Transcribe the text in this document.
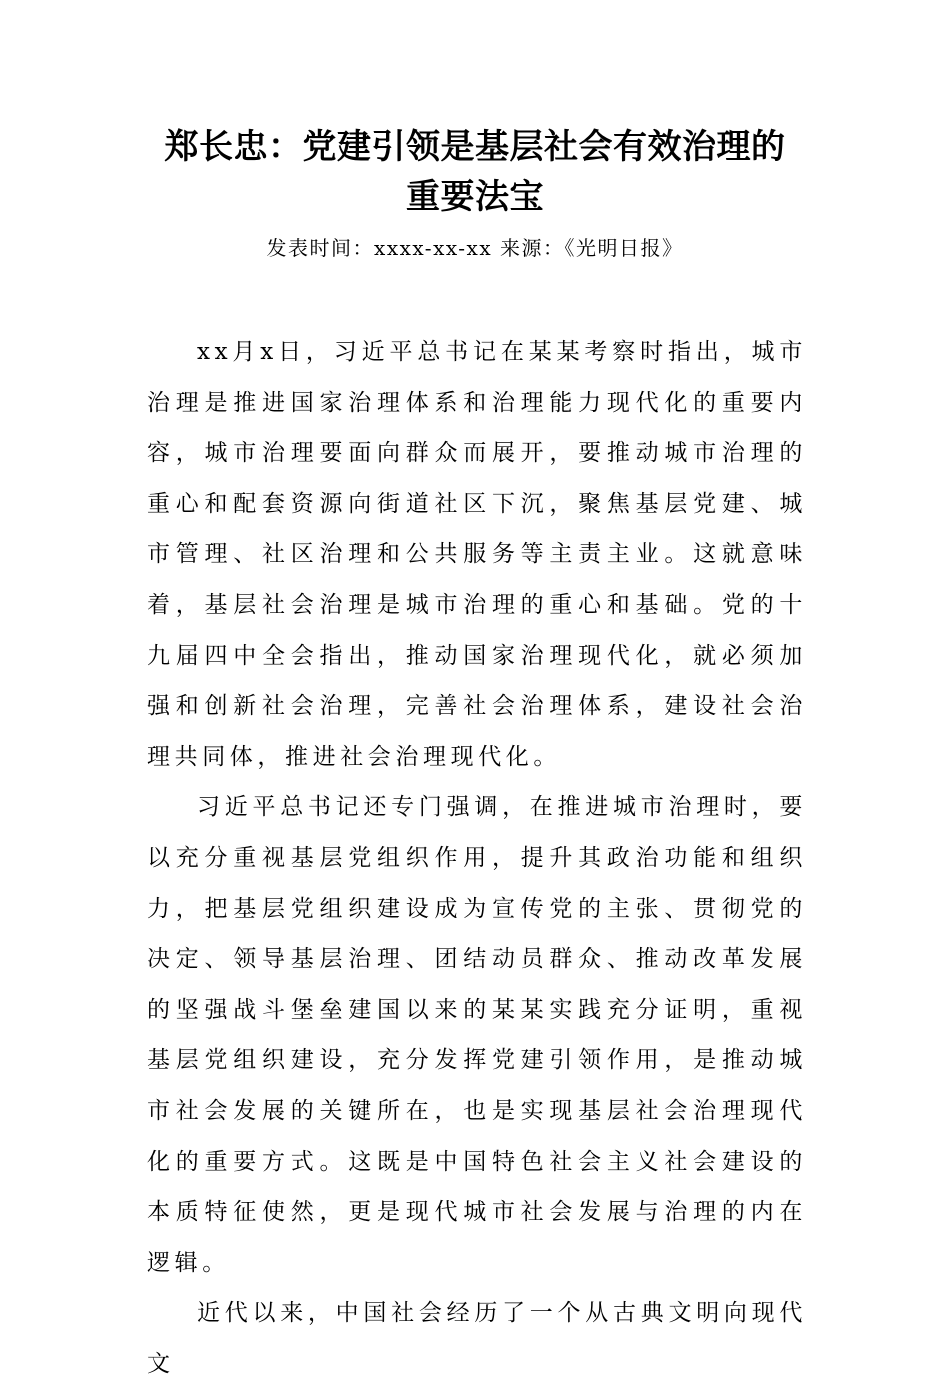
郑长忠：党建引领是基层社会有效治理的
重要法宝

发表时间：xxxx-xx-xx 来源：《光明日报》

xx月x日，习近平总书记在某某考察时指出，城市治理是推进国家治理体系和治理能力现代化的重要内容，城市治理要面向群众而展开，要推动城市治理的重心和配套资源向街道社区下沉，聚焦基层党建、城市管理、社区治理和公共服务等主责主业。这就意味着，基层社会治理是城市治理的重心和基础。党的十九届四中全会指出，推动国家治理现代化，就必须加强和创新社会治理，完善社会治理体系，建设社会治理共同体，推进社会治理现代化。

习近平总书记还专门强调，在推进城市治理时，要以充分重视基层党组织作用，提升其政治功能和组织力，把基层党组织建设成为宣传党的主张、贯彻党的决定、领导基层治理、团结动员群众、推动改革发展的坚强战斗堡垒建国以来的某某实践充分证明，重视基层党组织建设，充分发挥党建引领作用，是推动城市社会发展的关键所在，也是实现基层社会治理现代化的重要方式。这既是中国特色社会主义社会建设的本质特征使然，更是现代城市社会发展与治理的内在逻辑。

近代以来，中国社会经历了一个从古典文明向现代文
